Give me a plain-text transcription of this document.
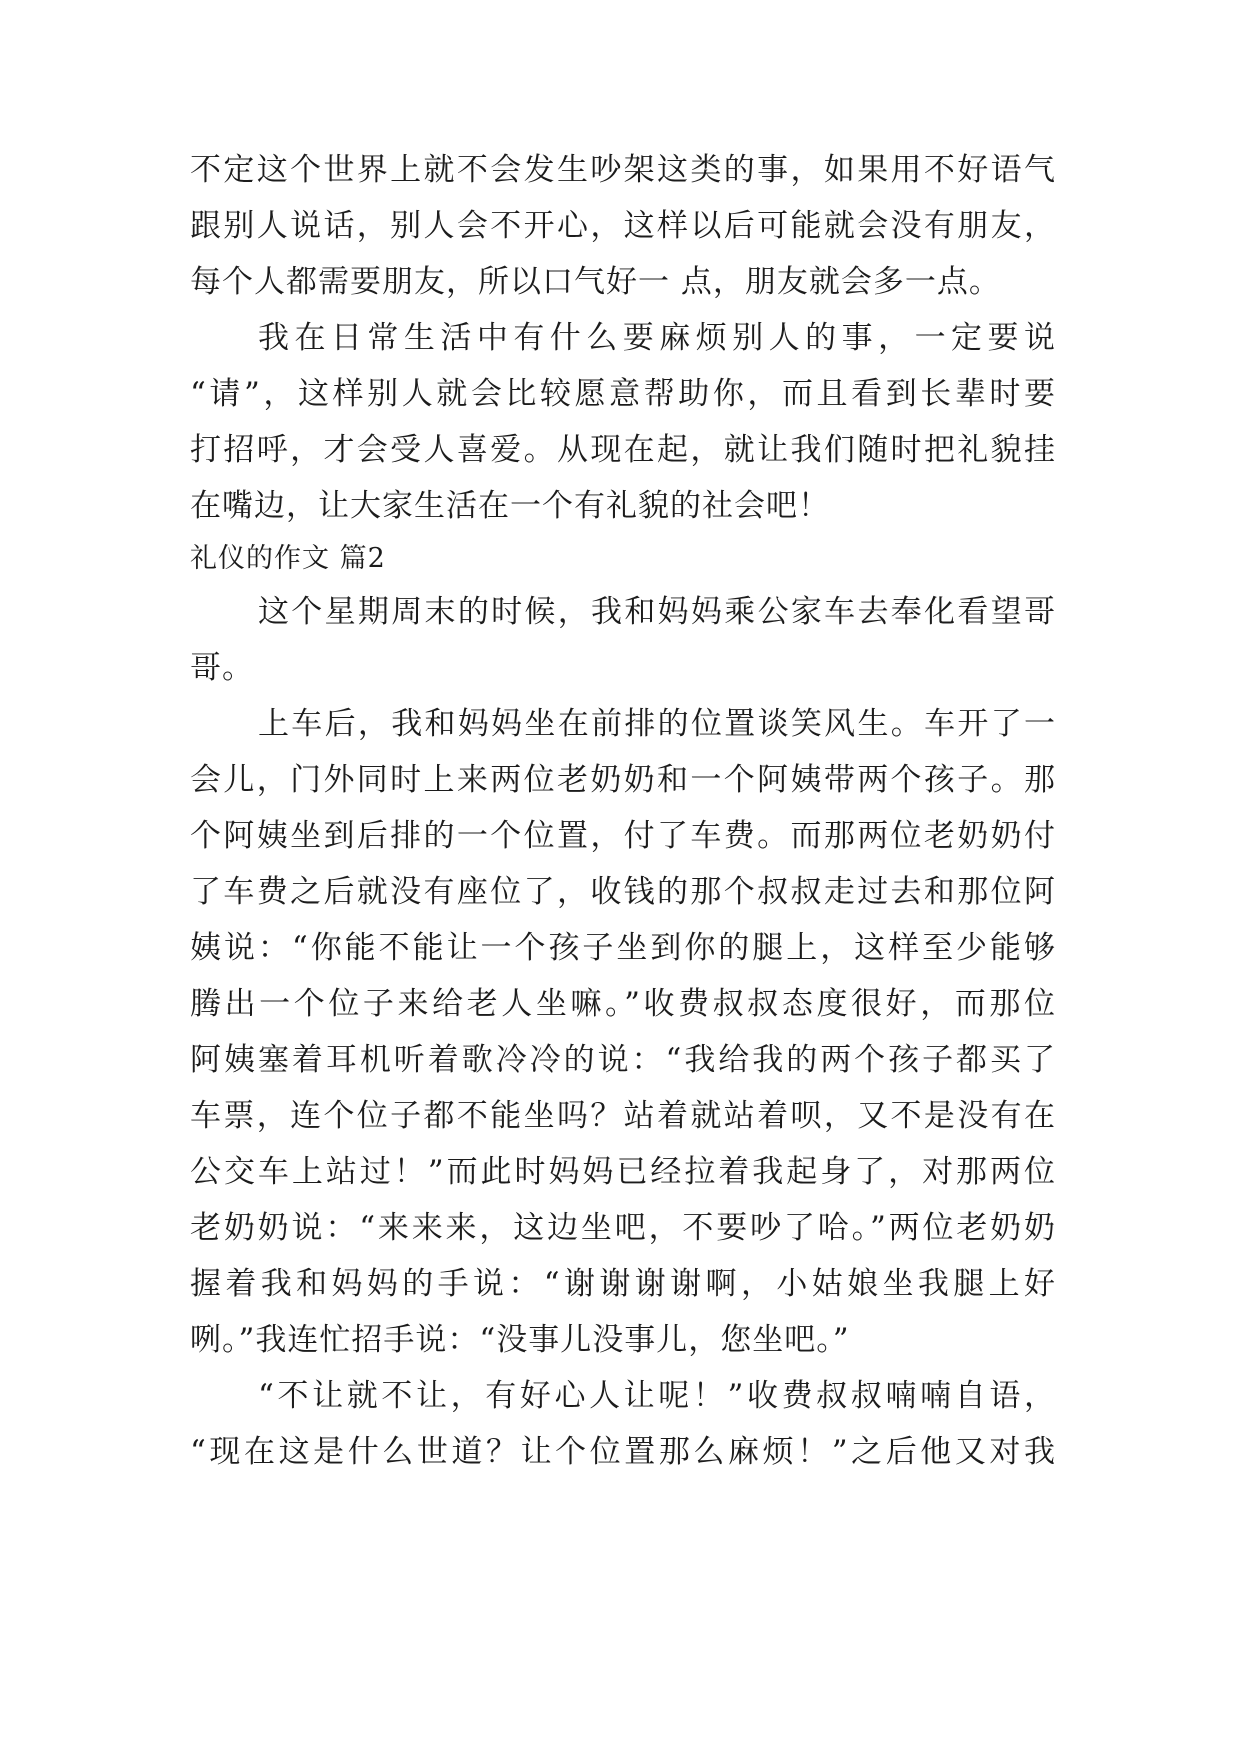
不定这个世界上就不会发生吵架这类的事，如果用不好语气
跟别人说话，别人会不开心，这样以后可能就会没有朋友，
每个人都需要朋友，所以口气好一 点，朋友就会多一点。
我在日常生活中有什么要麻烦别人的事，一定要说
“请”，这样别人就会比较愿意帮助你，而且看到长辈时要
打招呼，才会受人喜爱。从现在起，就让我们随时把礼貌挂
在嘴边，让大家生活在一个有礼貌的社会吧！
礼仪的作文 篇2
这个星期周末的时候，我和妈妈乘公家车去奉化看望哥
哥。
上车后，我和妈妈坐在前排的位置谈笑风生。车开了一
会儿，门外同时上来两位老奶奶和一个阿姨带两个孩子。那
个阿姨坐到后排的一个位置，付了车费。而那两位老奶奶付
了车费之后就没有座位了，收钱的那个叔叔走过去和那位阿
姨说：“你能不能让一个孩子坐到你的腿上，这样至少能够
腾出一个位子来给老人坐嘛。”收费叔叔态度很好，而那位
阿姨塞着耳机听着歌冷冷的说：“我给我的两个孩子都买了
车票，连个位子都不能坐吗？站着就站着呗，又不是没有在
公交车上站过！”而此时妈妈已经拉着我起身了，对那两位
老奶奶说：“来来来，这边坐吧，不要吵了哈。”两位老奶奶
握着我和妈妈的手说：“谢谢谢谢啊，小姑娘坐我腿上好
咧。”我连忙招手说：“没事儿没事儿，您坐吧。”
“不让就不让，有好心人让呢！”收费叔叔喃喃自语，
“现在这是什么世道？让个位置那么麻烦！”之后他又对我
